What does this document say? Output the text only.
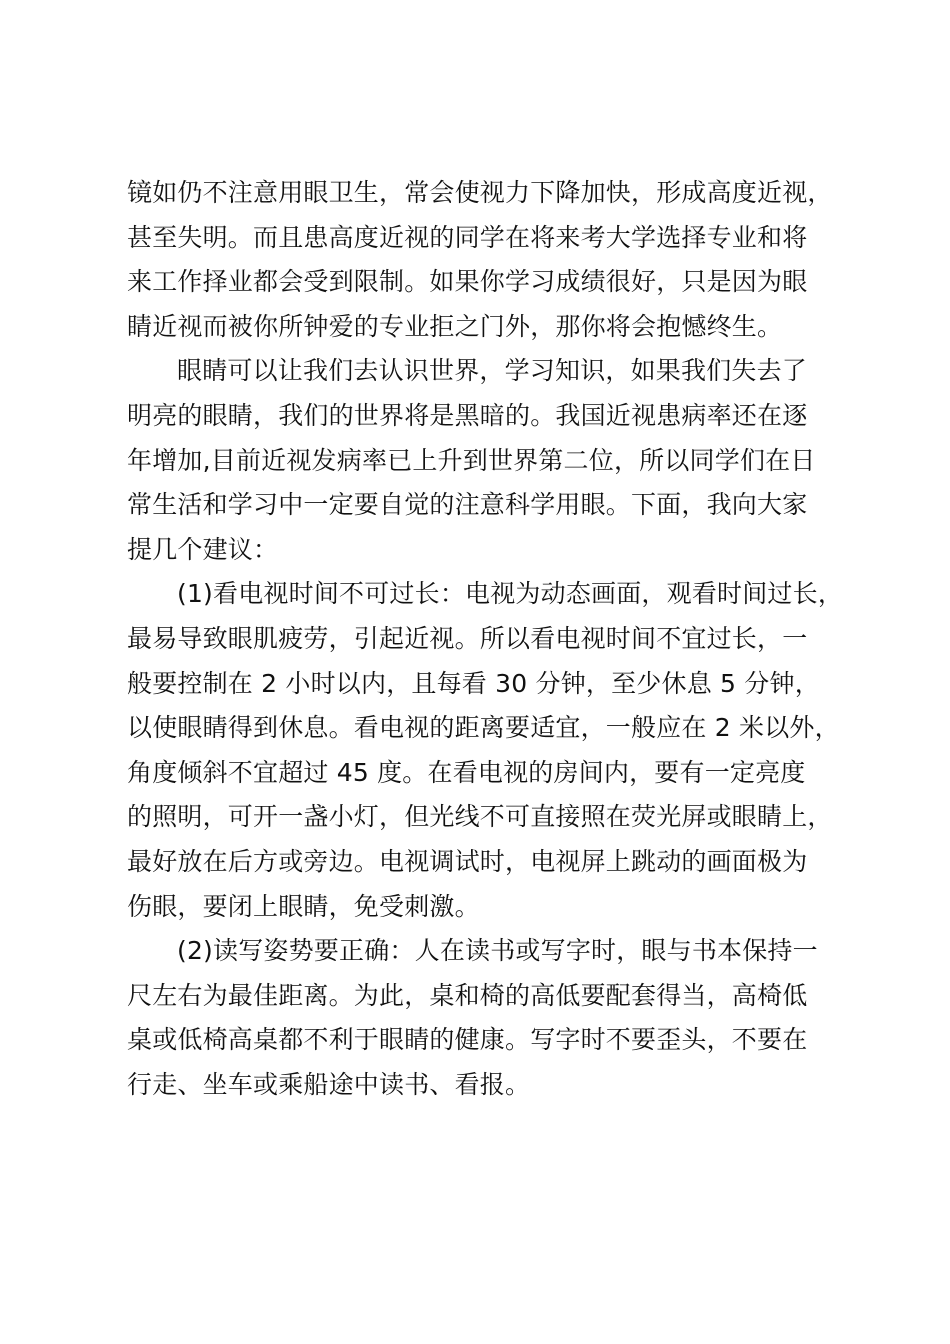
镜如仍不注意用眼卫生，常会使视力下降加快，形成高度近视，
甚至失明。而且患高度近视的同学在将来考大学选择专业和将
来工作择业都会受到限制。如果你学习成绩很好，只是因为眼
睛近视而被你所钟爱的专业拒之门外，那你将会抱憾终生。
眼睛可以让我们去认识世界，学习知识，如果我们失去了
明亮的眼睛，我们的世界将是黑暗的。我国近视患病率还在逐
年增加,目前近视发病率已上升到世界第二位，所以同学们在日
常生活和学习中一定要自觉的注意科学用眼。下面，我向大家
提几个建议：
(1)看电视时间不可过长：电视为动态画面，观看时间过长，
最易导致眼肌疲劳，引起近视。所以看电视时间不宜过长，一
般要控制在 2 小时以内，且每看 30 分钟，至少休息 5 分钟，
以使眼睛得到休息。看电视的距离要适宜，一般应在 2 米以外，
角度倾斜不宜超过 45 度。在看电视的房间内，要有一定亮度
的照明，可开一盏小灯，但光线不可直接照在荧光屏或眼睛上，
最好放在后方或旁边。电视调试时，电视屏上跳动的画面极为
伤眼，要闭上眼睛，免受刺激。
(2)读写姿势要正确：人在读书或写字时，眼与书本保持一
尺左右为最佳距离。为此，桌和椅的高低要配套得当，高椅低
桌或低椅高桌都不利于眼睛的健康。写字时不要歪头，不要在
行走、坐车或乘船途中读书、看报。
